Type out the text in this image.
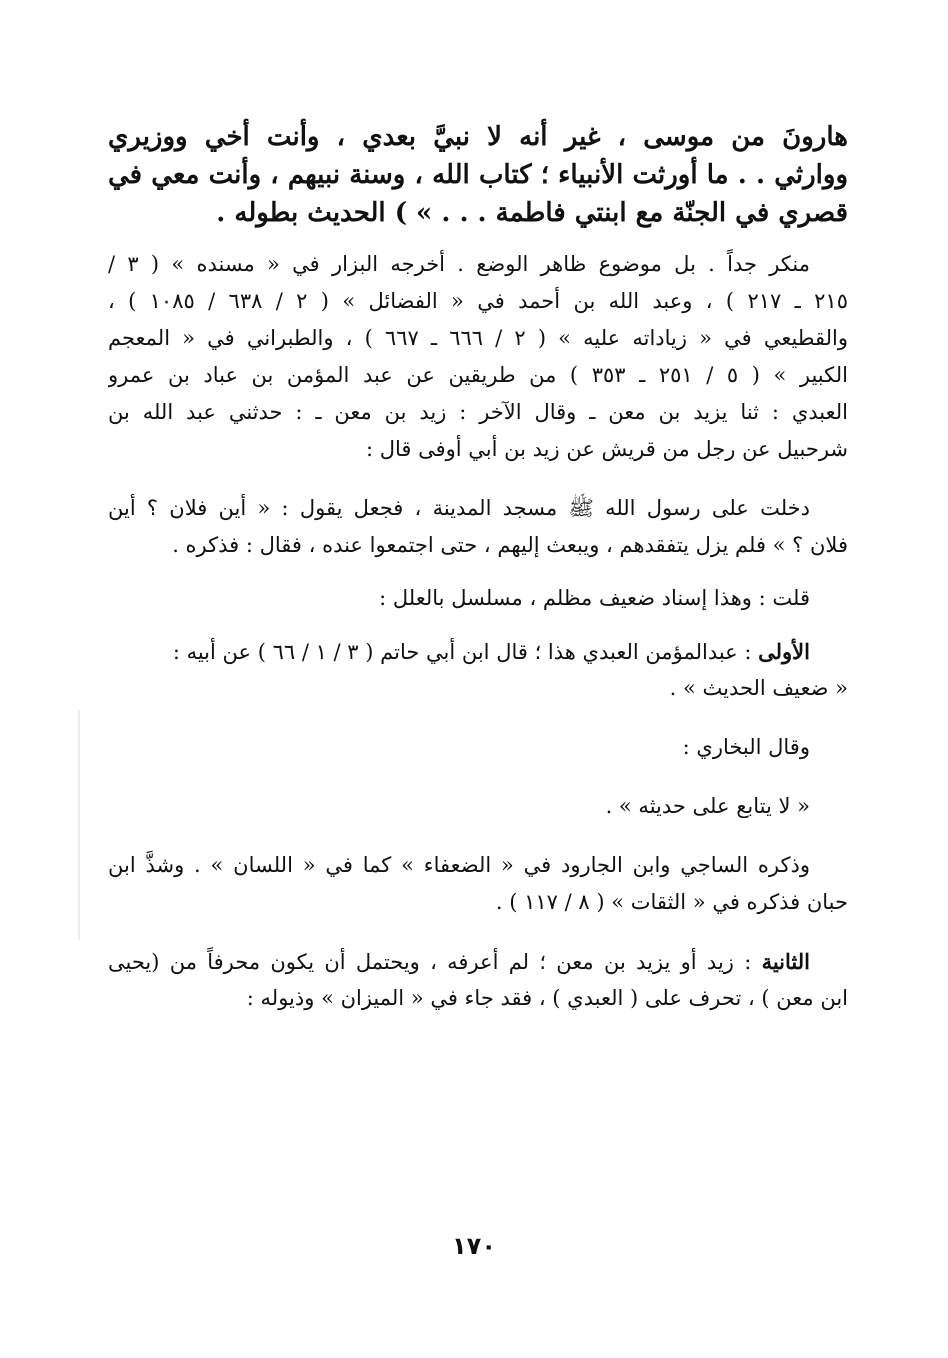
هارونَ من موسى ، غير أنه لا نبيَّ بعدي ، وأنت أخي ووزيري
ووارثي . . ما أورثت الأنبياء ؛ كتاب الله ، وسنة نبيهم ، وأنت معي في
قصري في الجنّة مع ابنتي فاطمة . . . » ) الحديث بطوله .
منكر جداً . بل موضوع ظاهر الوضع . أخرجه البزار في « مسنده » ( ٣ /
٢١٥ ـ ٢١٧ ) ، وعبد الله بن أحمد في « الفضائل » ( ٢ / ٦٣٨ / ١٠٨٥ ) ،
والقطيعي في « زياداته عليه » ( ٢ / ٦٦٦ ـ ٦٦٧ ) ، والطبراني في « المعجم
الكبير » ( ٥ / ٢٥١ ـ ٣٥٣ ) من طريقين عن عبد المؤمن بن عباد بن عمرو
العبدي : ثنا يزيد بن معن ـ وقال الآخر : زيد بن معن ـ : حدثني عبد الله بن
شرحبيل عن رجل من قريش عن زيد بن أبي أوفى قال :
دخلت على رسول الله ﷺ مسجد المدينة ، فجعل يقول : « أين فلان ؟ أين
فلان ؟ » فلم يزل يتفقدهم ، ويبعث إليهم ، حتى اجتمعوا عنده ، فقال : فذكره .
قلت : وهذا إسناد ضعيف مظلم ، مسلسل بالعلل :
الأولى : عبدالمؤمن العبدي هذا ؛ قال ابن أبي حاتم ( ٣ / ١ / ٦٦ ) عن أبيه :
« ضعيف الحديث » .
وقال البخاري :
« لا يتابع على حديثه » .
وذكره الساجي وابن الجارود في « الضعفاء » كما في « اللسان » . وشذَّ ابن
حبان فذكره في « الثقات » ( ٨ / ١١٧ ) .
الثانية : زيد أو يزيد بن معن ؛ لم أعرفه ، ويحتمل أن يكون محرفاً من (يحيى
ابن معن ) ، تحرف على ( العبدي ) ، فقد جاء في « الميزان » وذيوله :
١٧٠
